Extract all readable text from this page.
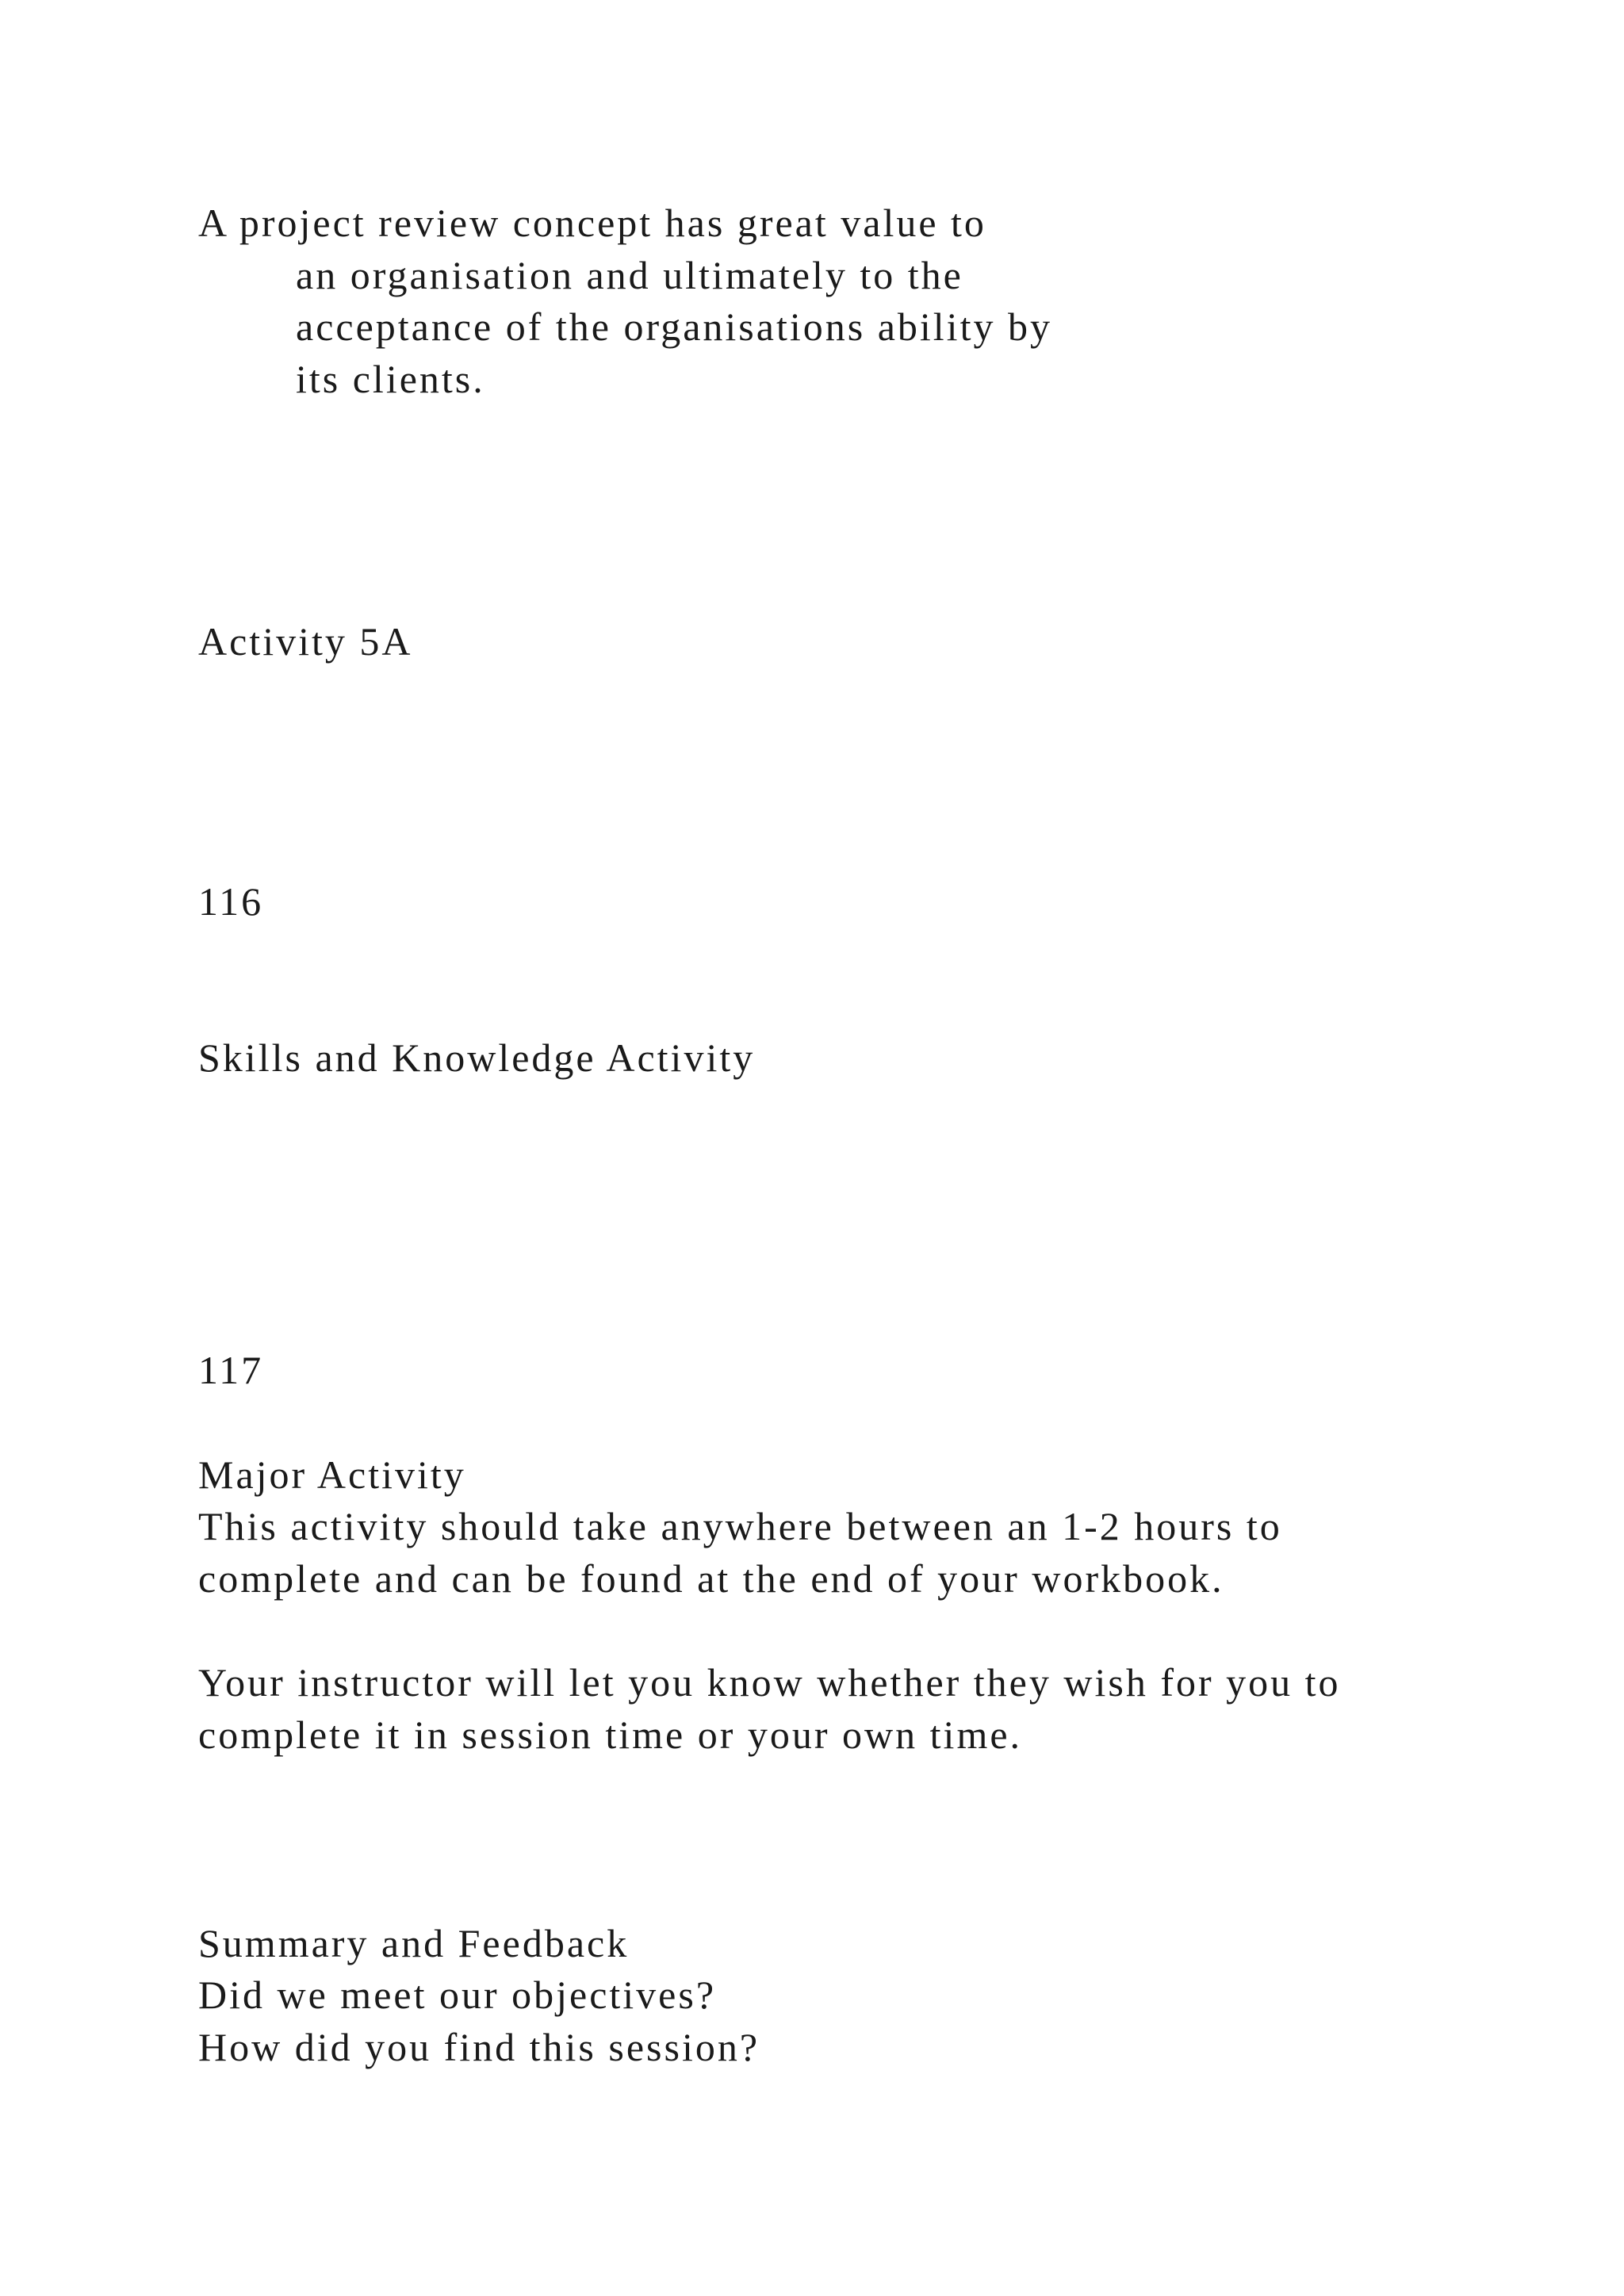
A project review concept has great value to
an organisation and ultimately to the
acceptance of the organisations ability by
its clients.
Activity 5A
116
Skills and Knowledge Activity
117
Major Activity
This activity should take anywhere between an 1-2 hours to
complete and can be found at the end of your workbook.
Your instructor will let you know whether they wish for you to
complete it in session time or your own time.
Summary and Feedback
Did we meet our objectives?
How did you find this session?
